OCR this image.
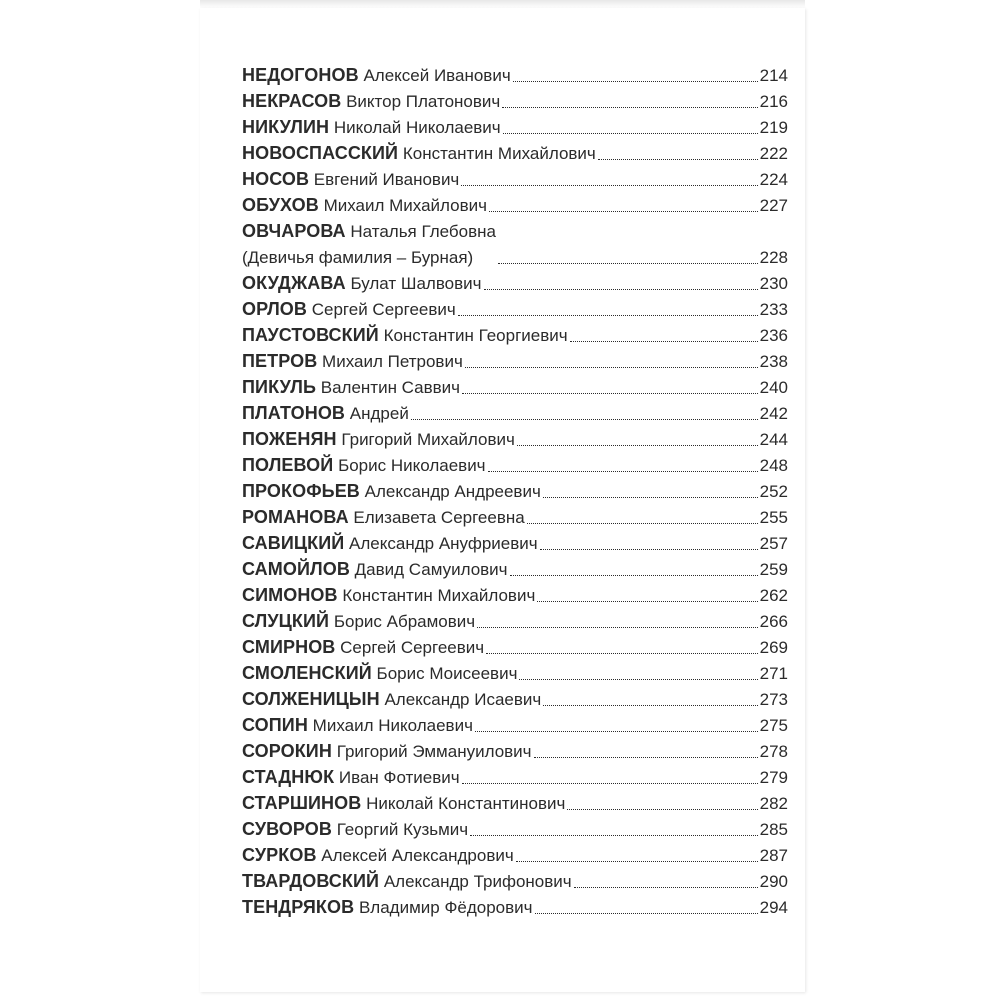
НЕДОГОНОВ Алексей Иванович	214
НЕКРАСОВ Виктор Платонович	216
НИКУЛИН Николай Николаевич	219
НОВОСПАССКИЙ Константин Михайлович	222
НОСОВ Евгений Иванович	224
ОБУХОВ Михаил Михайлович	227
ОВЧАРОВА Наталья Глебовна
(Девичья фамилия – Бурная)	228
ОКУДЖАВА Булат Шалвович	230
ОРЛОВ Сергей Сергеевич	233
ПАУСТОВСКИЙ Константин Георгиевич	236
ПЕТРОВ Михаил Петрович	238
ПИКУЛЬ Валентин Саввич	240
ПЛАТОНОВ Андрей	242
ПОЖЕНЯН Григорий Михайлович	244
ПОЛЕВОЙ Борис Николаевич	248
ПРОКОФЬЕВ Александр Андреевич	252
РОМАНОВА Елизавета Сергеевна	255
САВИЦКИЙ Александр Ануфриевич	257
САМОЙЛОВ Давид Самуилович	259
СИМОНОВ Константин Михайлович	262
СЛУЦКИЙ Борис Абрамович	266
СМИРНОВ Сергей Сергеевич	269
СМОЛЕНСКИЙ Борис Моисеевич	271
СОЛЖЕНИЦЫН Александр Исаевич	273
СОПИН Михаил Николаевич	275
СОРОКИН Григорий Эммануилович	278
СТАДНЮК Иван Фотиевич	279
СТАРШИНОВ Николай Константинович	282
СУВОРОВ Георгий Кузьмич	285
СУРКОВ Алексей Александрович	287
ТВАРДОВСКИЙ Александр Трифонович	290
ТЕНДРЯКОВ Владимир Фёдорович	294
